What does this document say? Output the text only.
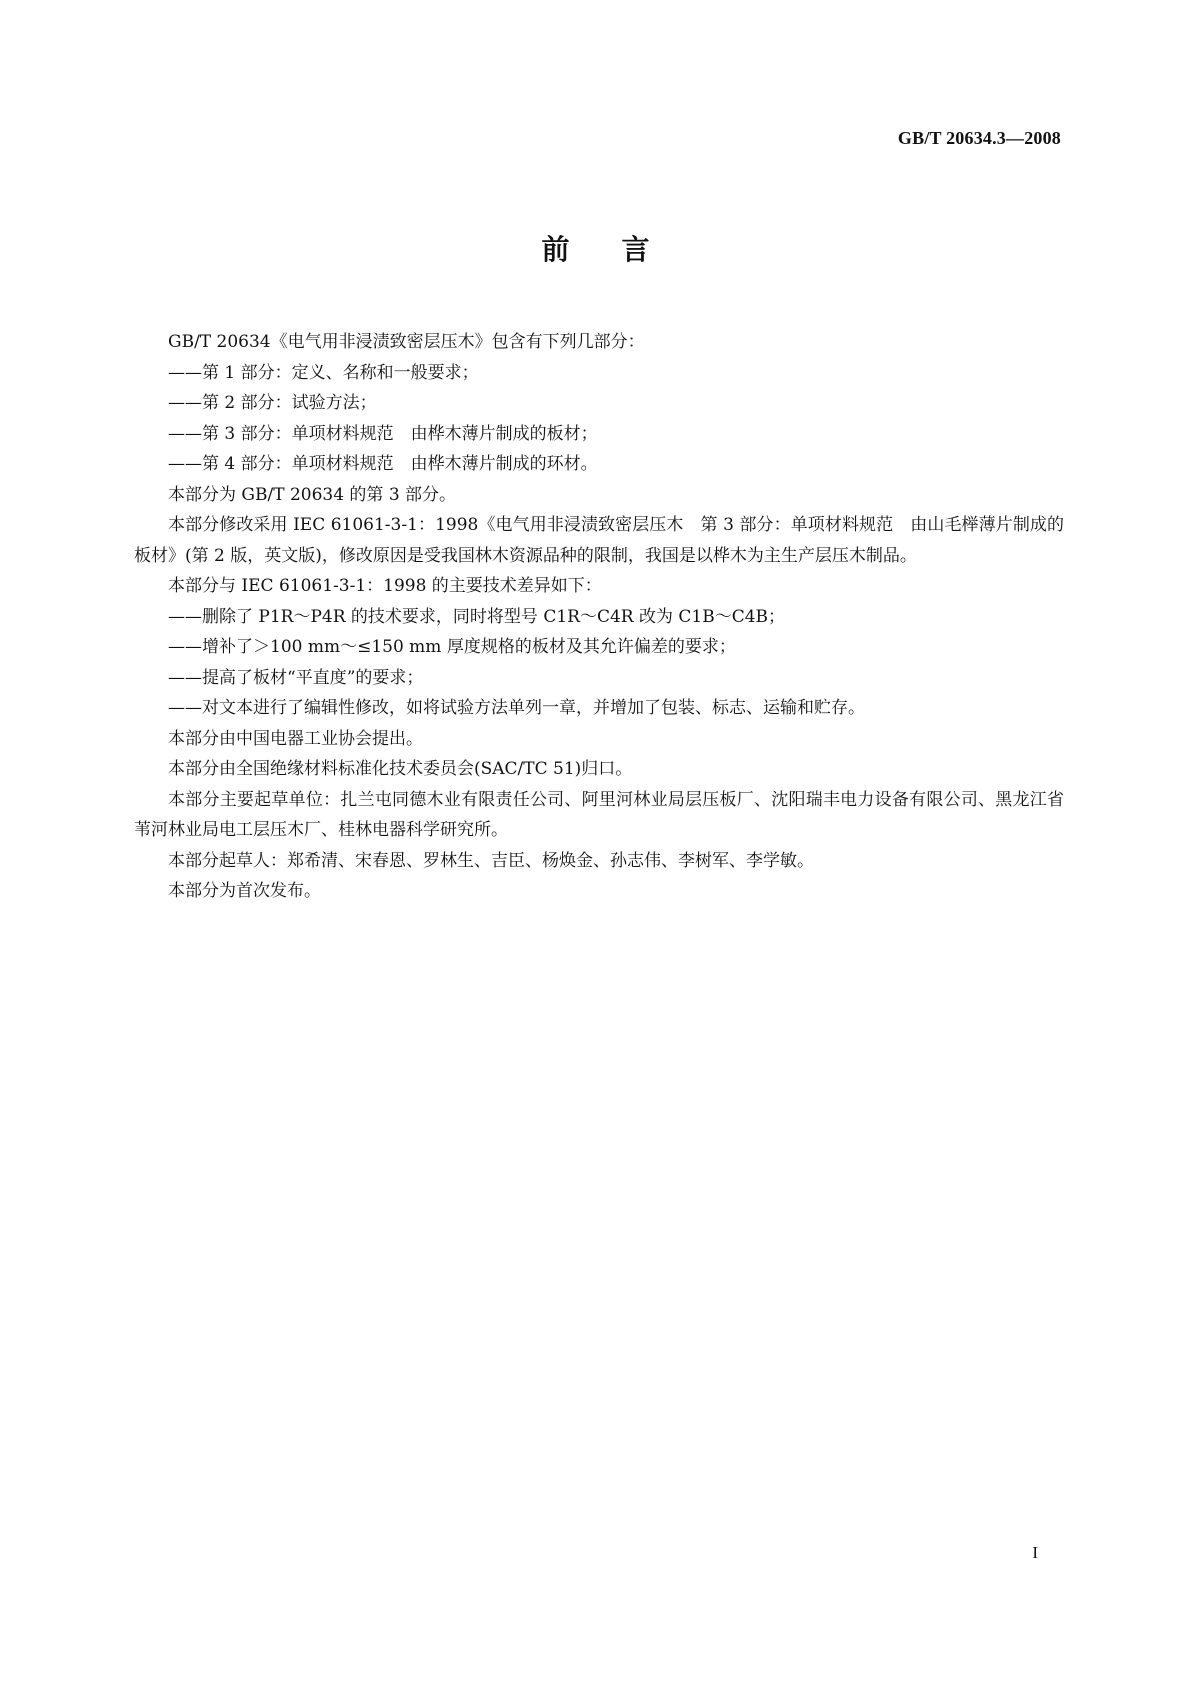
GB/T 20634.3—2008
前言

GB/T 20634《电气用非浸渍致密层压木》包含有下列几部分：

——第 1 部分：定义、名称和一般要求；
——第 2 部分：试验方法；
——第 3 部分：单项材料规范　由桦木薄片制成的板材；
——第 4 部分：单项材料规范　由桦木薄片制成的环材。

本部分为 GB/T 20634 的第 3 部分。

本部分修改采用 IEC 61061-3-1：1998《电气用非浸渍致密层压木　第 3 部分：单项材料规范　由山毛榉薄片制成的板材》(第 2 版，英文版)，修改原因是受我国林木资源品种的限制，我国是以桦木为主生产层压木制品。

本部分与 IEC 61061-3-1：1998 的主要技术差异如下：

——删除了 P1R～P4R 的技术要求，同时将型号 C1R～C4R 改为 C1B～C4B；
——增补了＞100 mm～≤150 mm 厚度规格的板材及其允许偏差的要求；
——提高了板材“平直度”的要求；
——对文本进行了编辑性修改，如将试验方法单列一章，并增加了包装、标志、运输和贮存。

本部分由中国电器工业协会提出。

本部分由全国绝缘材料标准化技术委员会(SAC/TC 51)归口。

本部分主要起草单位：扎兰屯同德木业有限责任公司、阿里河林业局层压板厂、沈阳瑞丰电力设备有限公司、黑龙江省苇河林业局电工层压木厂、桂林电器科学研究所。

本部分起草人：郑希清、宋春恩、罗林生、吉臣、杨焕金、孙志伟、李树军、李学敏。

本部分为首次发布。

I
